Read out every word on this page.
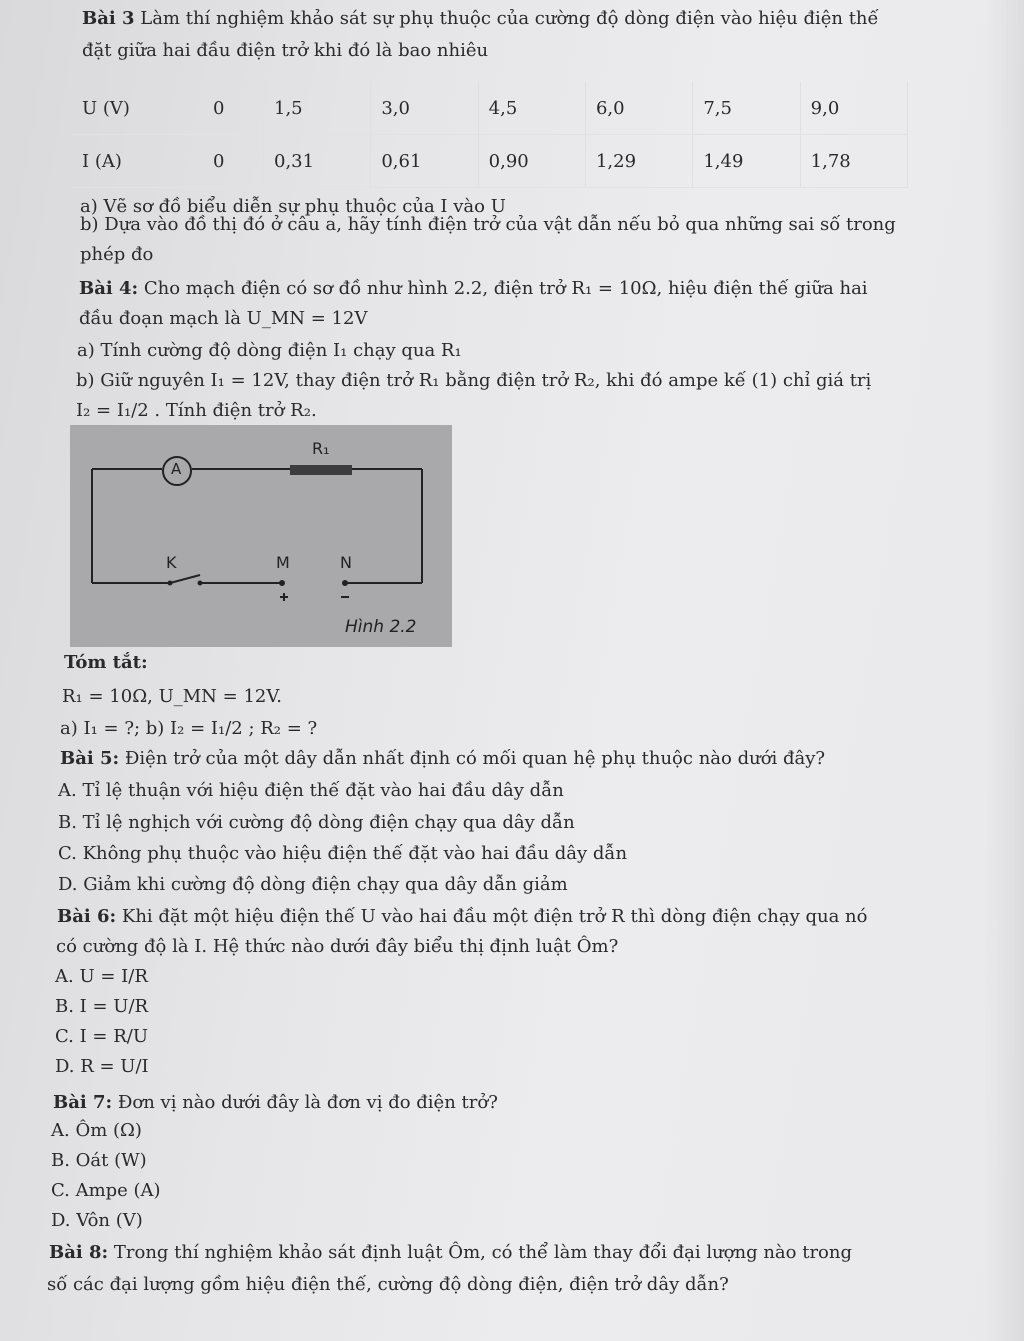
Bài 3 Làm thí nghiệm khảo sát sự phụ thuộc của cường độ dòng điện vào hiệu điện thế
đặt giữa hai đầu điện trở khi đó là bao nhiêu
U (V)	0	1,5	3,0	4,5	6,0	7,5	9,0
I (A)	0	0,31	0,61	0,90	1,29	1,49	1,78
a) Vẽ sơ đồ biểu diễn sự phụ thuộc của I vào U
b) Dựa vào đồ thị đó ở câu a, hãy tính điện trở của vật dẫn nếu bỏ qua những sai số trong
phép đo
Bài 4: Cho mạch điện có sơ đồ như hình 2.2, điện trở R₁ = 10Ω, hiệu điện thế giữa hai
đầu đoạn mạch là U_MN = 12V
a) Tính cường độ dòng điện I₁ chạy qua R₁
b) Giữ nguyên I₁ = 12V, thay điện trở R₁ bằng điện trở R₂, khi đó ampe kế (1) chỉ giá trị
I₂ = I₁/2 . Tính điện trở R₂.
A
R₁
K	M	N
Hình 2.2
Tóm tắt:
R₁ = 10Ω, U_MN = 12V.
a) I₁ = ?; b) I₂ = I₁/2 ; R₂ = ?
Bài 5: Điện trở của một dây dẫn nhất định có mối quan hệ phụ thuộc nào dưới đây?
A. Tỉ lệ thuận với hiệu điện thế đặt vào hai đầu dây dẫn
B. Tỉ lệ nghịch với cường độ dòng điện chạy qua dây dẫn
C. Không phụ thuộc vào hiệu điện thế đặt vào hai đầu dây dẫn
D. Giảm khi cường độ dòng điện chạy qua dây dẫn giảm
Bài 6: Khi đặt một hiệu điện thế U vào hai đầu một điện trở R thì dòng điện chạy qua nó
có cường độ là I. Hệ thức nào dưới đây biểu thị định luật Ôm?
A. U = I/R
B. I = U/R
C. I = R/U
D. R = U/I
Bài 7: Đơn vị nào dưới đây là đơn vị đo điện trở?
A. Ôm (Ω)
B. Oát (W)
C. Ampe (A)
D. Vôn (V)
Bài 8: Trong thí nghiệm khảo sát định luật Ôm, có thể làm thay đổi đại lượng nào trong
số các đại lượng gồm hiệu điện thế, cường độ dòng điện, điện trở dây dẫn?
